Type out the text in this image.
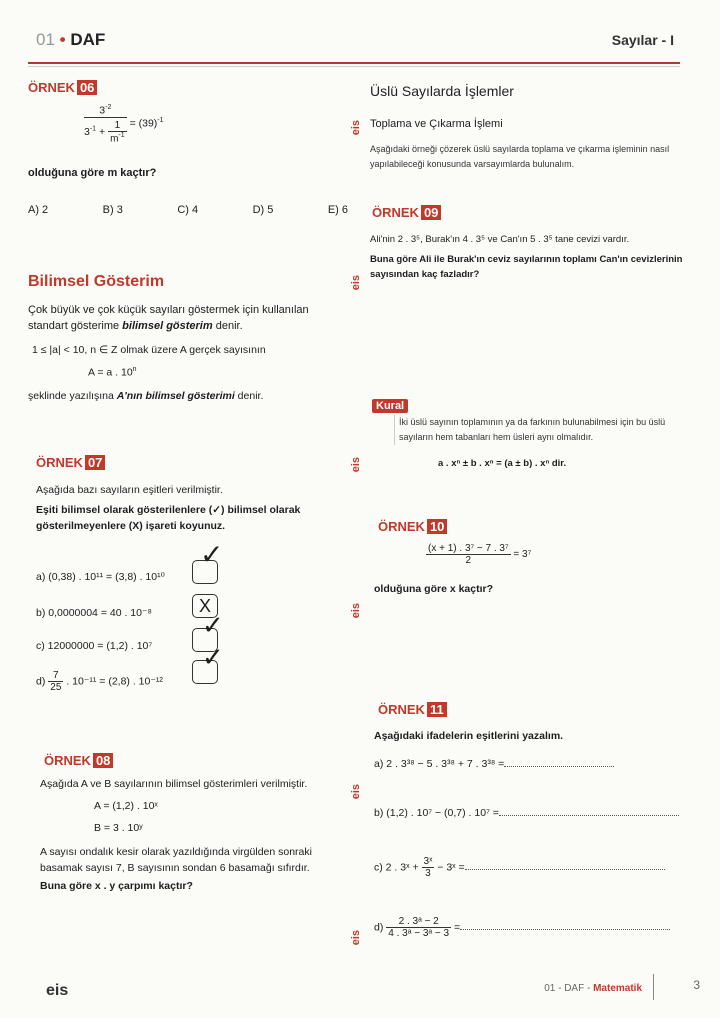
01 • DAF	Sayılar - I
ÖRNEK 06
$\frac{3^{-2}}{3^{-1} + \frac{1}{m^{-1}}} = (39)^{-1}$
olduğuna göre m kaçtır?
A) 2	B) 3	C) 4	D) 5	E) 6
Bilimsel Gösterim
Çok büyük ve çok küçük sayıları göstermek için kullanılan standart gösterime bilimsel gösterim denir.
1 ≤ |a| < 10, n ∈ Z olmak üzere A gerçek sayısının
A = a . 10$^n$
şeklinde yazılışına A'nın bilimsel gösterimi denir.
ÖRNEK 07
Aşağıda bazı sayıların eşitleri verilmiştir.
Eşiti bilimsel olarak gösterilenlere (✓) bilimsel olarak gösterilmeyenlere (X) işareti koyunuz.
a) (0,38) . 10¹¹ = (3,8) . 10¹⁰
✓
b) 0,0000004 = 40 . 10⁻⁸	X
c) 12000000 = (1,2) . 10⁷
✓
$d) \frac{7}{25}$ . 10⁻¹¹ = (2,8) . 10⁻¹²
✓
ÖRNEK 08
Aşağıda A ve B sayılarının bilimsel gösterimleri verilmiştir.
A = (1,2) . 10ˣ
B = 3 . 10ʸ
A sayısı ondalık kesir olarak yazıldığında virgülden sonraki basamak sayısı 7, B sayısının sondan 6 basamağı sıfırdır.
Buna göre x . y çarpımı kaçtır?
eis
eis
eis
eis
eis
eis
Üslü Sayılarda İşlemler
Toplama ve Çıkarma İşlemi
Aşağıdaki örneği çözerek üslü sayılarda toplama ve çıkarma işleminin nasıl yapılabileceği konusunda varsayımlarda bulunalım.
ÖRNEK 09
Ali'nin 2 . 3⁵, Burak'ın 4 . 3⁵ ve Can'ın 5 . 3⁵ tane cevizi vardır.
Buna göre Ali ile Burak'ın ceviz sayılarının toplamı Can'ın cevizlerinin sayısından kaç fazladır?
Kural
İki üslü sayının toplamının ya da farkının bulunabilmesi için bu üslü sayıların hem tabanları hem üsleri aynı olmalıdır.
a . xⁿ ± b . xⁿ = (a ± b) . xⁿ dir.
ÖRNEK 10
$\frac{\text{(x + 1) . 3⁷ − 7 . 3⁷}}{2} = 3^7$
olduğuna göre x kaçtır?
ÖRNEK 11
Aşağıdaki ifadelerin eşitlerini yazalım.
a) 2 . 3³⁸ − 5 . 3³⁸ + 7 . 3³⁸ =
b) (1,2) . 10⁷ − (0,7) . 10⁷ =
c) 2 . 3ˣ + $\frac{\text{3ˣ}}{3}$ − 3ˣ =
$d) \frac{\text{2 . 3ᵃ − 2}}{\text{4 . 3ᵃ − 3ᵃ − 3}}$ =
eis	01 - DAF - Matematik	3
